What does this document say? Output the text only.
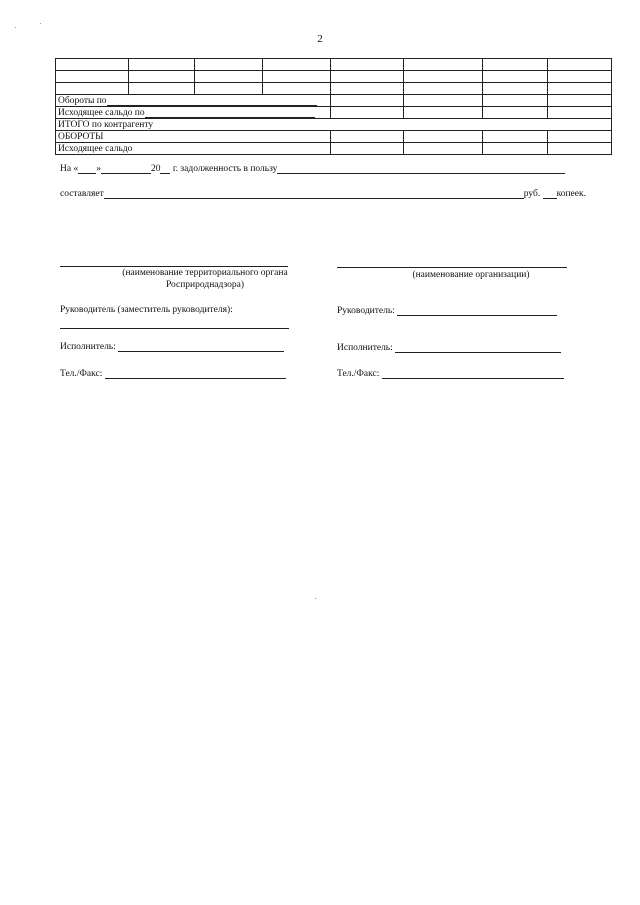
2

Обороты по							
Исходящее сальдо по							
ИТОГО по контрагенту							
ОБОРОТЫ							
Исходящее сальдо							
На « »	20 г. задолженность в пользу
составляет	руб. копеек.
(наименование территориального органа
Росприроднадзора)
(наименование организации)
Руководитель (заместитель руководителя):	Руководитель:
Исполнитель:	Исполнитель:
Тел./Факс:	Тел./Факс:
